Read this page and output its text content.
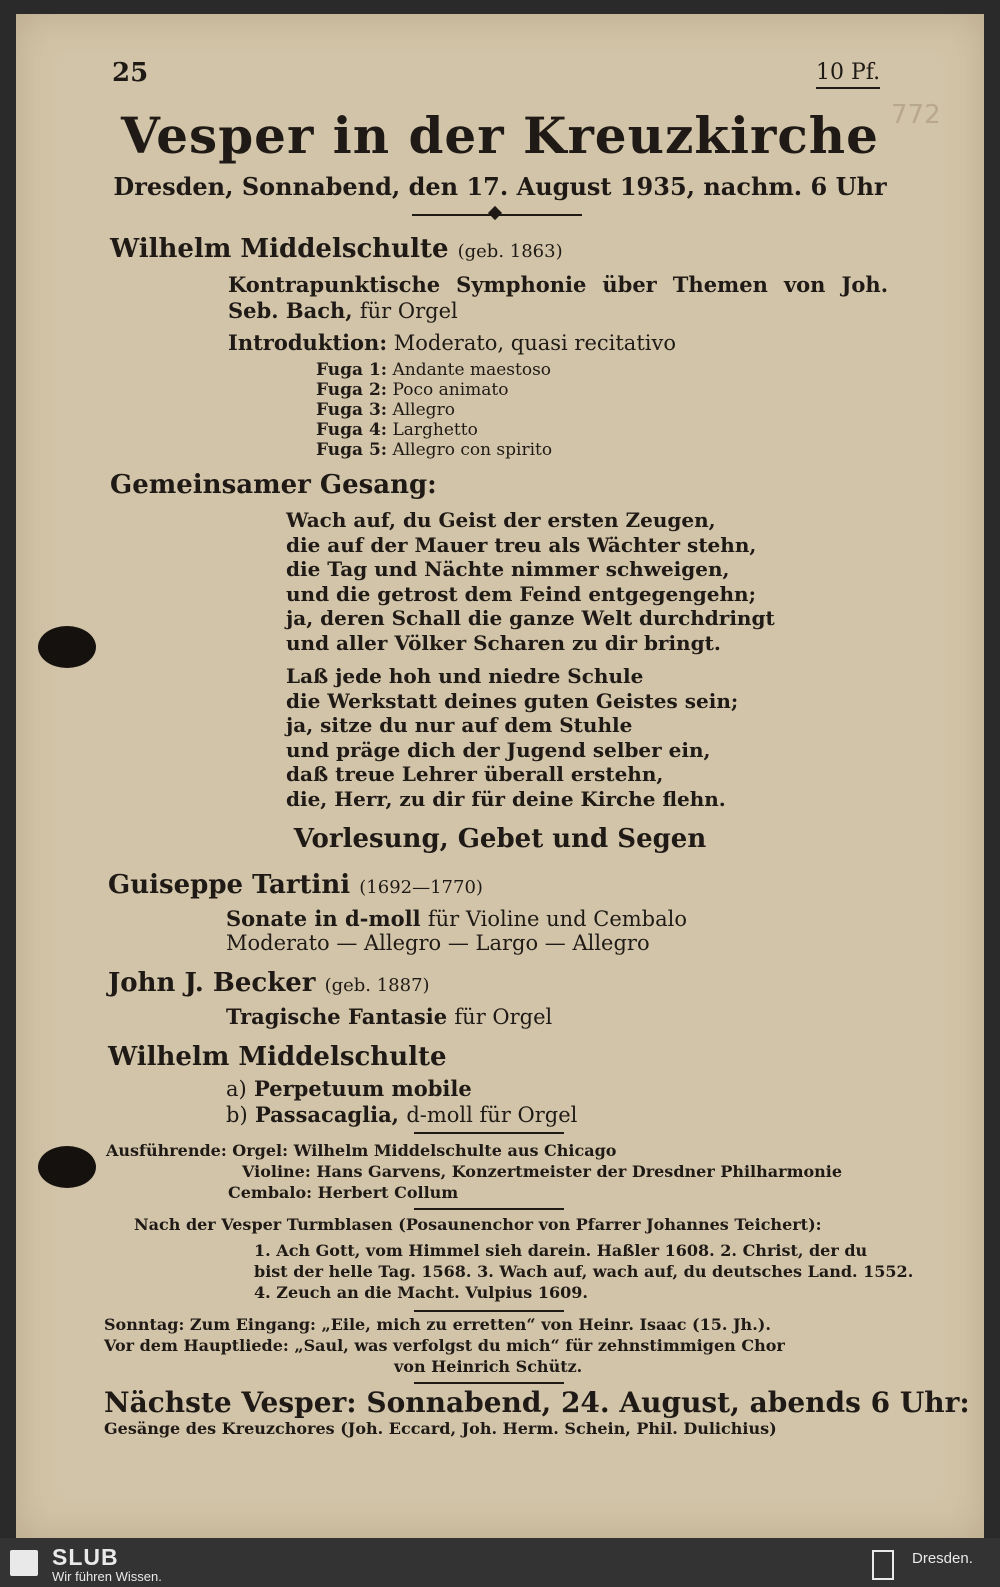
772
25	10 Pf.
Vesper in der Kreuzkirche
Dresden, Sonnabend, den 17. August 1935, nachm. 6 Uhr
Wilhelm Middelschulte (geb. 1863)
Kontrapunktische Symphonie über Themen von Joh.
Seb. Bach, für Orgel
Introduktion: Moderato, quasi recitativo
Fuga 1: Andante maestoso
Fuga 2: Poco animato
Fuga 3: Allegro
Fuga 4: Larghetto
Fuga 5: Allegro con spirito
Gemeinsamer Gesang:
Wach auf, du Geist der ersten Zeugen,
die auf der Mauer treu als Wächter stehn,
die Tag und Nächte nimmer schweigen,
und die getrost dem Feind entgegengehn;
ja, deren Schall die ganze Welt durchdringt
und aller Völker Scharen zu dir bringt.
Laß jede hoh und niedre Schule
die Werkstatt deines guten Geistes sein;
ja, sitze du nur auf dem Stuhle
und präge dich der Jugend selber ein,
daß treue Lehrer überall erstehn,
die, Herr, zu dir für deine Kirche flehn.
Vorlesung, Gebet und Segen
Guiseppe Tartini (1692—1770)
Sonate in d-moll für Violine und Cembalo
Moderato — Allegro — Largo — Allegro
John J. Becker (geb. 1887)
Tragische Fantasie für Orgel
Wilhelm Middelschulte
a) Perpetuum mobile
b) Passacaglia, d-moll für Orgel
Ausführende: Orgel: Wilhelm Middelschulte aus Chicago
Violine: Hans Garvens, Konzertmeister der Dresdner Philharmonie
Cembalo: Herbert Collum
Nach der Vesper Turmblasen (Posaunenchor von Pfarrer Johannes Teichert):
1. Ach Gott, vom Himmel sieh darein. Haßler 1608. 2. Christ, der du
bist der helle Tag. 1568. 3. Wach auf, wach auf, du deutsches Land. 1552.
4. Zeuch an die Macht. Vulpius 1609.
Sonntag: Zum Eingang: „Eile, mich zu erretten“ von Heinr. Isaac (15. Jh.).
Vor dem Hauptliede: „Saul, was verfolgst du mich“ für zehnstimmigen Chor
von Heinrich Schütz.
Nächste Vesper: Sonnabend, 24. August, abends 6 Uhr:
Gesänge des Kreuzchores (Joh. Eccard, Joh. Herm. Schein, Phil. Dulichius)
SLUB
Wir führen Wissen.
Dresden.
